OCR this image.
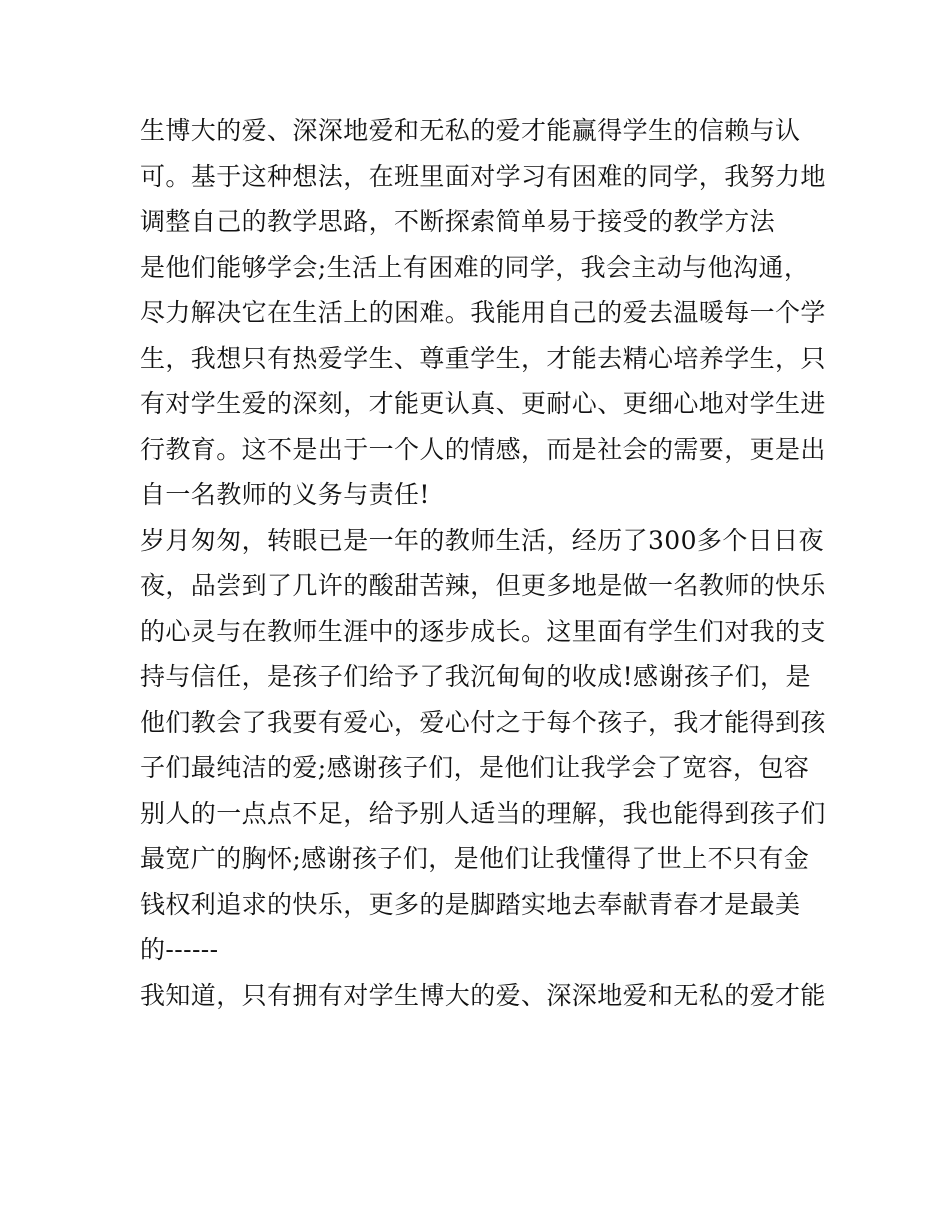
生博大的爱、深深地爱和无私的爱才能赢得学生的信赖与认
可。基于这种想法，在班里面对学习有困难的同学，我努力地
调整自己的教学思路，不断探索简单易于接受的教学方法
是他们能够学会;生活上有困难的同学，我会主动与他沟通，
尽力解决它在生活上的困难。我能用自己的爱去温暖每一个学
生，我想只有热爱学生、尊重学生，才能去精心培养学生，只
有对学生爱的深刻，才能更认真、更耐心、更细心地对学生进
行教育。这不是出于一个人的情感，而是社会的需要，更是出
自一名教师的义务与责任!
岁月匆匆，转眼已是一年的教师生活，经历了300多个日日夜
夜，品尝到了几许的酸甜苦辣，但更多地是做一名教师的快乐
的心灵与在教师生涯中的逐步成长。这里面有学生们对我的支
持与信任，是孩子们给予了我沉甸甸的收成!感谢孩子们，是
他们教会了我要有爱心，爱心付之于每个孩子，我才能得到孩
子们最纯洁的爱;感谢孩子们，是他们让我学会了宽容，包容
别人的一点点不足，给予别人适当的理解，我也能得到孩子们
最宽广的胸怀;感谢孩子们，是他们让我懂得了世上不只有金
钱权利追求的快乐，更多的是脚踏实地去奉献青春才是最美
的------
我知道，只有拥有对学生博大的爱、深深地爱和无私的爱才能
